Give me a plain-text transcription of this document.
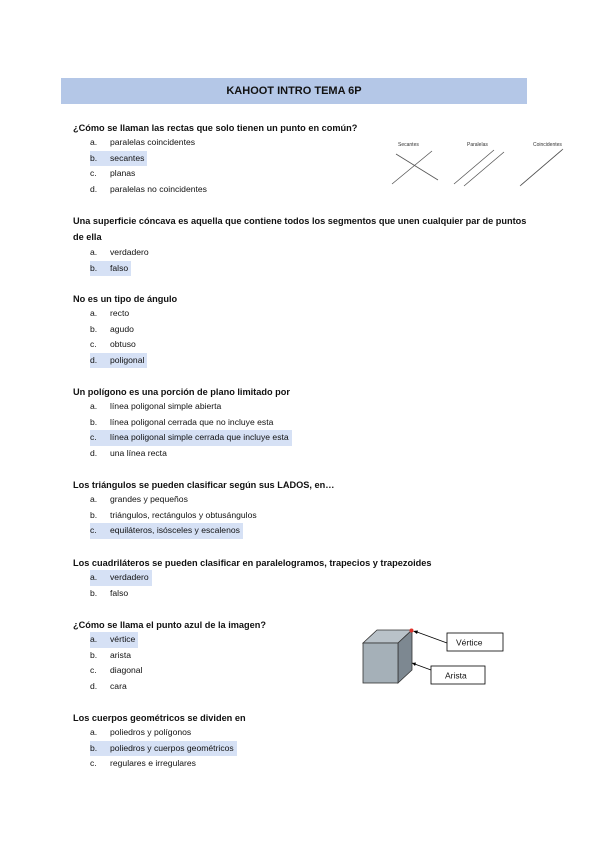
KAHOOT INTRO TEMA 6P
¿Cómo se llaman las rectas que solo tienen un punto en común?
a. paralelas coincidentes
b. secantes
c. planas
d. paralelas no coincidentes
Secantes	Paralelas	Coincidentes
Una superficie cóncava es aquella que contiene todos los segmentos que unen cualquier par de puntos de ella
a. verdadero
b. falso
No es un tipo de ángulo
a. recto
b. agudo
c. obtuso
d. poligonal
Un polígono es una porción de plano limitado por
a. línea poligonal simple abierta
b. línea poligonal cerrada que no incluye esta
c. línea poligonal simple cerrada que incluye esta
d. una línea recta
Los triángulos se pueden clasificar según sus LADOS, en…
a. grandes y pequeños
b. triángulos, rectángulos y obtusángulos
c. equiláteros, isósceles y escalenos
Los cuadriláteros se pueden clasificar en paralelogramos, trapecios y trapezoides
a. verdadero
b. falso
¿Cómo se llama el punto azul de la imagen?
a. vértice
b. arista
c. diagonal
d. cara
Vértice
Arista
Los cuerpos geométricos se dividen en
a. poliedros y polígonos
b. poliedros y cuerpos geométricos
c. regulares e irregulares
